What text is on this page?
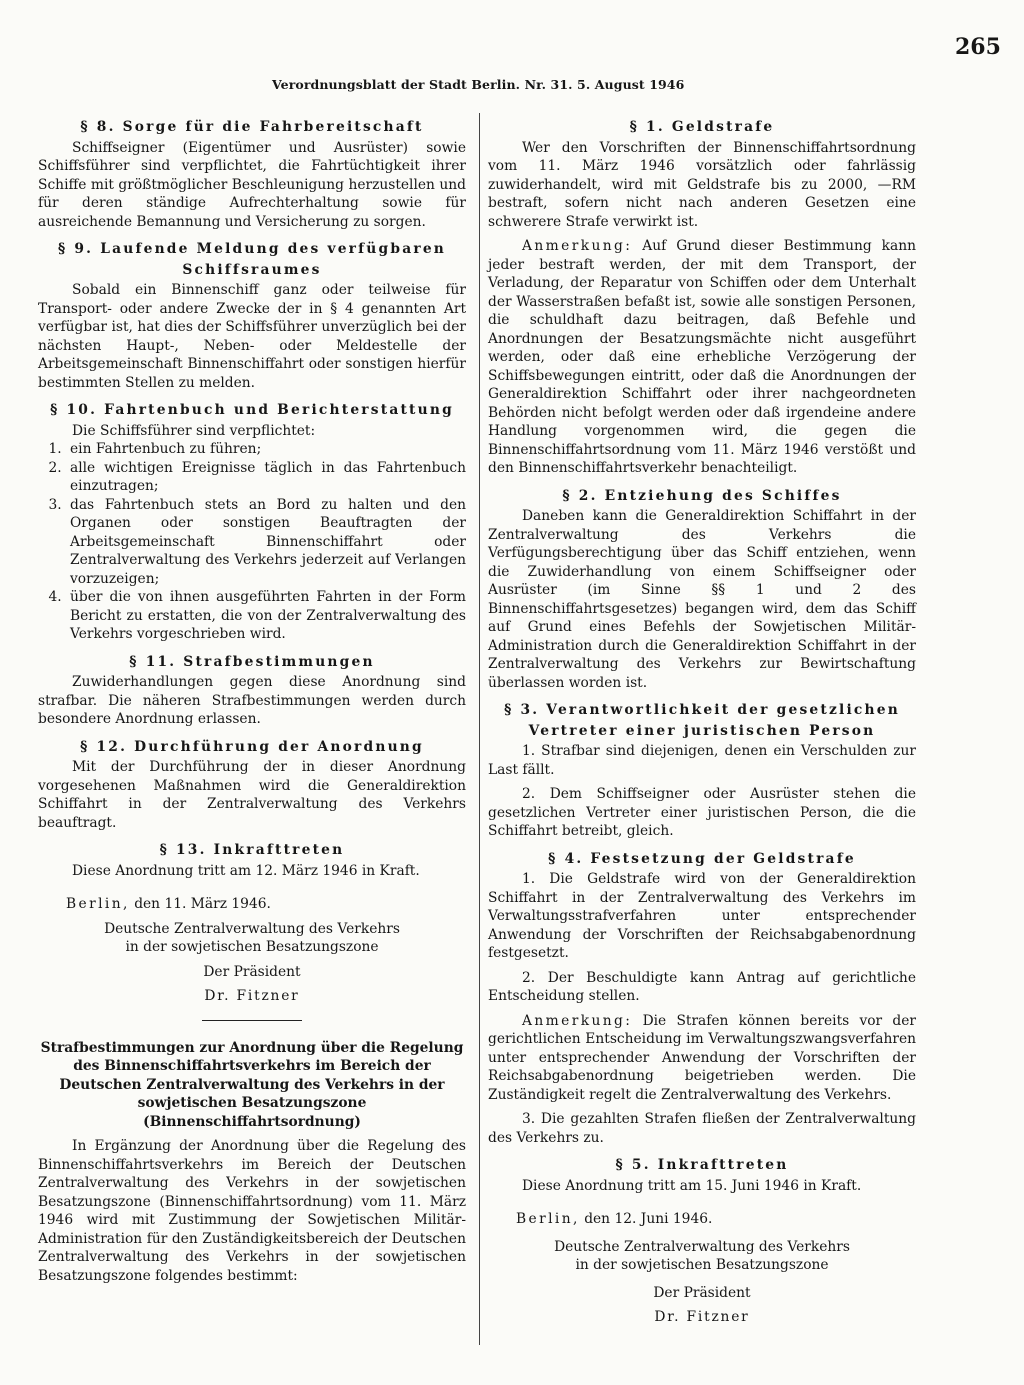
Verordnungsblatt der Stadt Berlin. Nr. 31. 5. August 1946
265
§ 8. Sorge für die Fahrbereitschaft

Schiffseigner (Eigentümer und Ausrüster) sowie Schiffsführer sind verpflichtet, die Fahrtüchtigkeit ihrer Schiffe mit größtmöglicher Beschleunigung herzustellen und für deren ständige Aufrechterhaltung sowie für ausreichende Bemannung und Versicherung zu sorgen.

§ 9. Laufende Meldung des verfügbaren
Schiffsraumes

Sobald ein Binnenschiff ganz oder teilweise für Transport- oder andere Zwecke der in § 4 genannten Art verfügbar ist, hat dies der Schiffsführer unverzüglich bei der nächsten Haupt-, Neben- oder Meldestelle der Arbeitsgemeinschaft Binnenschiffahrt oder sonstigen hierfür bestimmten Stellen zu melden.

§ 10. Fahrtenbuch und Berichterstattung

Die Schiffsführer sind verpflichtet:

1. ein Fahrtenbuch zu führen;
2. alle wichtigen Ereignisse täglich in das Fahrtenbuch einzutragen;
3. das Fahrtenbuch stets an Bord zu halten und den Organen oder sonstigen Beauftragten der Arbeitsgemeinschaft Binnenschiffahrt oder Zentralverwaltung des Verkehrs jederzeit auf Verlangen vorzuzeigen;
4. über die von ihnen ausgeführten Fahrten in der Form Bericht zu erstatten, die von der Zentralverwaltung des Verkehrs vorgeschrieben wird.
§ 11. Strafbestimmungen

Zuwiderhandlungen gegen diese Anordnung sind strafbar. Die näheren Strafbestimmungen werden durch besondere Anordnung erlassen.

§ 12. Durchführung der Anordnung

Mit der Durchführung der in dieser Anordnung vorgesehenen Maßnahmen wird die Generaldirektion Schiffahrt in der Zentralverwaltung des Verkehrs beauftragt.

§ 13. Inkrafttreten

Diese Anordnung tritt am 12. März 1946 in Kraft.

Berlin, den 11. März 1946.
Deutsche Zentralverwaltung des Verkehrs
in der sowjetischen Besatzungszone
Der Präsident
Dr. Fitzner
Strafbestimmungen zur Anordnung über die Regelung des Binnenschiffahrtsverkehrs im Bereich der Deutschen Zentralverwaltung des Verkehrs in der sowjetischen Besatzungszone (Binnenschiffahrtsordnung)

In Ergänzung der Anordnung über die Regelung des Binnenschiffahrtsverkehrs im Bereich der Deutschen Zentralverwaltung des Verkehrs in der sowjetischen Besatzungszone (Binnenschiffahrtsordnung) vom 11. März 1946 wird mit Zustimmung der Sowjetischen Militär-Administration für den Zuständigkeitsbereich der Deutschen Zentralverwaltung des Verkehrs in der sowjetischen Besatzungszone folgendes bestimmt:

§ 1. Geldstrafe

Wer den Vorschriften der Binnenschiffahrtsordnung vom 11. März 1946 vorsätzlich oder fahrlässig zuwiderhandelt, wird mit Geldstrafe bis zu 2000, —RM bestraft, sofern nicht nach anderen Gesetzen eine schwerere Strafe verwirkt ist.

Anmerkung: Auf Grund dieser Bestimmung kann jeder bestraft werden, der mit dem Transport, der Verladung, der Reparatur von Schiffen oder dem Unterhalt der Wasserstraßen befaßt ist, sowie alle sonstigen Personen, die schuldhaft dazu beitragen, daß Befehle und Anordnungen der Besatzungsmächte nicht ausgeführt werden, oder daß eine erhebliche Verzögerung der Schiffsbewegungen eintritt, oder daß die Anordnungen der Generaldirektion Schiffahrt oder ihrer nachgeordneten Behörden nicht befolgt werden oder daß irgendeine andere Handlung vorgenommen wird, die gegen die Binnenschiffahrtsordnung vom 11. März 1946 verstößt und den Binnenschiffahrtsverkehr benachteiligt.

§ 2. Entziehung des Schiffes

Daneben kann die Generaldirektion Schiffahrt in der Zentralverwaltung des Verkehrs die Verfügungsberechtigung über das Schiff entziehen, wenn die Zuwiderhandlung von einem Schiffseigner oder Ausrüster (im Sinne §§ 1 und 2 des Binnenschiffahrtsgesetzes) begangen wird, dem das Schiff auf Grund eines Befehls der Sowjetischen Militär-Administration durch die Generaldirektion Schiffahrt in der Zentralverwaltung des Verkehrs zur Bewirtschaftung überlassen worden ist.

§ 3. Verantwortlichkeit der gesetzlichen
Vertreter einer juristischen Person

1. Strafbar sind diejenigen, denen ein Verschulden zur Last fällt.

2. Dem Schiffseigner oder Ausrüster stehen die gesetzlichen Vertreter einer juristischen Person, die die Schiffahrt betreibt, gleich.

§ 4. Festsetzung der Geldstrafe

1. Die Geldstrafe wird von der Generaldirektion Schiffahrt in der Zentralverwaltung des Verkehrs im Verwaltungsstrafverfahren unter entsprechender Anwendung der Vorschriften der Reichsabgabenordnung festgesetzt.

2. Der Beschuldigte kann Antrag auf gerichtliche Entscheidung stellen.

Anmerkung: Die Strafen können bereits vor der gerichtlichen Entscheidung im Verwaltungszwangsverfahren unter entsprechender Anwendung der Vorschriften der Reichsabgabenordnung beigetrieben werden. Die Zuständigkeit regelt die Zentralverwaltung des Verkehrs.

3. Die gezahlten Strafen fließen der Zentralverwaltung des Verkehrs zu.

§ 5. Inkrafttreten

Diese Anordnung tritt am 15. Juni 1946 in Kraft.

Berlin, den 12. Juni 1946.
Deutsche Zentralverwaltung des Verkehrs
in der sowjetischen Besatzungszone
Der Präsident
Dr. Fitzner
